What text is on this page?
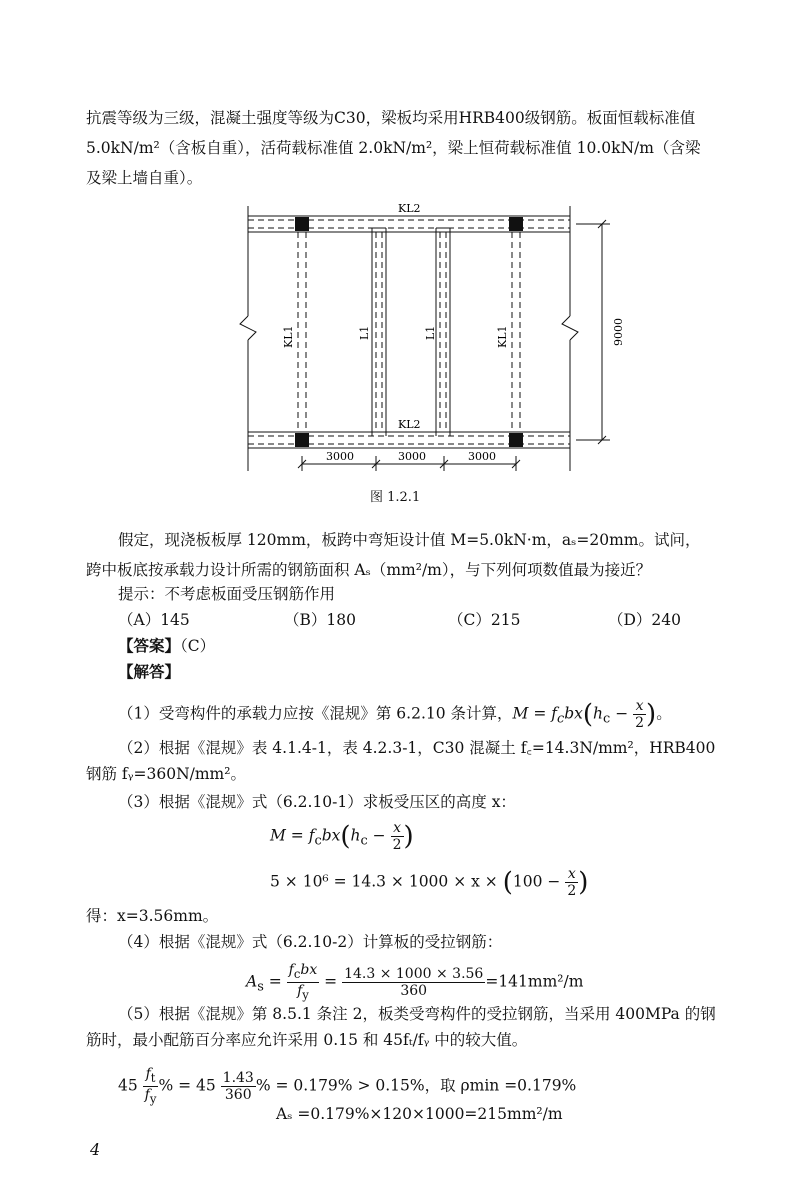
抗震等级为三级，混凝土强度等级为C30，梁板均采用HRB400级钢筋。板面恒载标准值
5.0kN/m²（含板自重），活荷载标准值 2.0kN/m²，梁上恒荷载标准值 10.0kN/m（含梁
及梁上墙自重）。
KL2
KL2
KL1	L1	L1	KL1
3000	3000	3000
9000
图 1.2.1
假定，现浇板板厚 120mm，板跨中弯矩设计值 M=5.0kN·m，aₛ=20mm。试问，
跨中板底按承载力设计所需的钢筋面积 Aₛ（mm²/m），与下列何项数值最为接近？
提示：不考虑板面受压钢筋作用
（A）145	（B）180	（C）215	（D）240
【答案】（C）
【解答】
（1）受弯构件的承载力应按《混规》第 6.2.10 条计算，$M = f_cbx(h_c - \frac{x}{2}$ )。
（2）根据《混规》表 4.1.4-1，表 4.2.3-1，C30 混凝土 f꜀=14.3N/mm²，HRB400
钢筋 fᵧ=360N/mm²。
（3）根据《混规》式（6.2.10-1）求板受压区的高度 x：
$M = f_cbx(h_c - \frac{x}{2}$ )
$5 \times 10^6 = 14.3 \times 1000 \times x \times (100 - \frac{x}{2}$ )
得：x=3.56mm。
（4）根据《混规》式（6.2.10-2）计算板的受拉钢筋：
$A_s = \frac{f_cbx}{f_y} = \frac{14.3 \times 1000 \times 3.56}{360} =141mm^2/m$
（5）根据《混规》第 8.5.1 条注 2，板类受弯构件的受拉钢筋，当采用 400MPa 的钢
筋时，最小配筋百分率应允许采用 0.15 和 45fₜ/fᵧ 中的较大值。
$45 \frac{f_t}{f_y}$ % = $45 \frac{1.43}{360}$ % = 0.179% > 0.15%，取 ρmin =0.179%
Aₛ =0.179%×120×1000=215mm²/m
4
